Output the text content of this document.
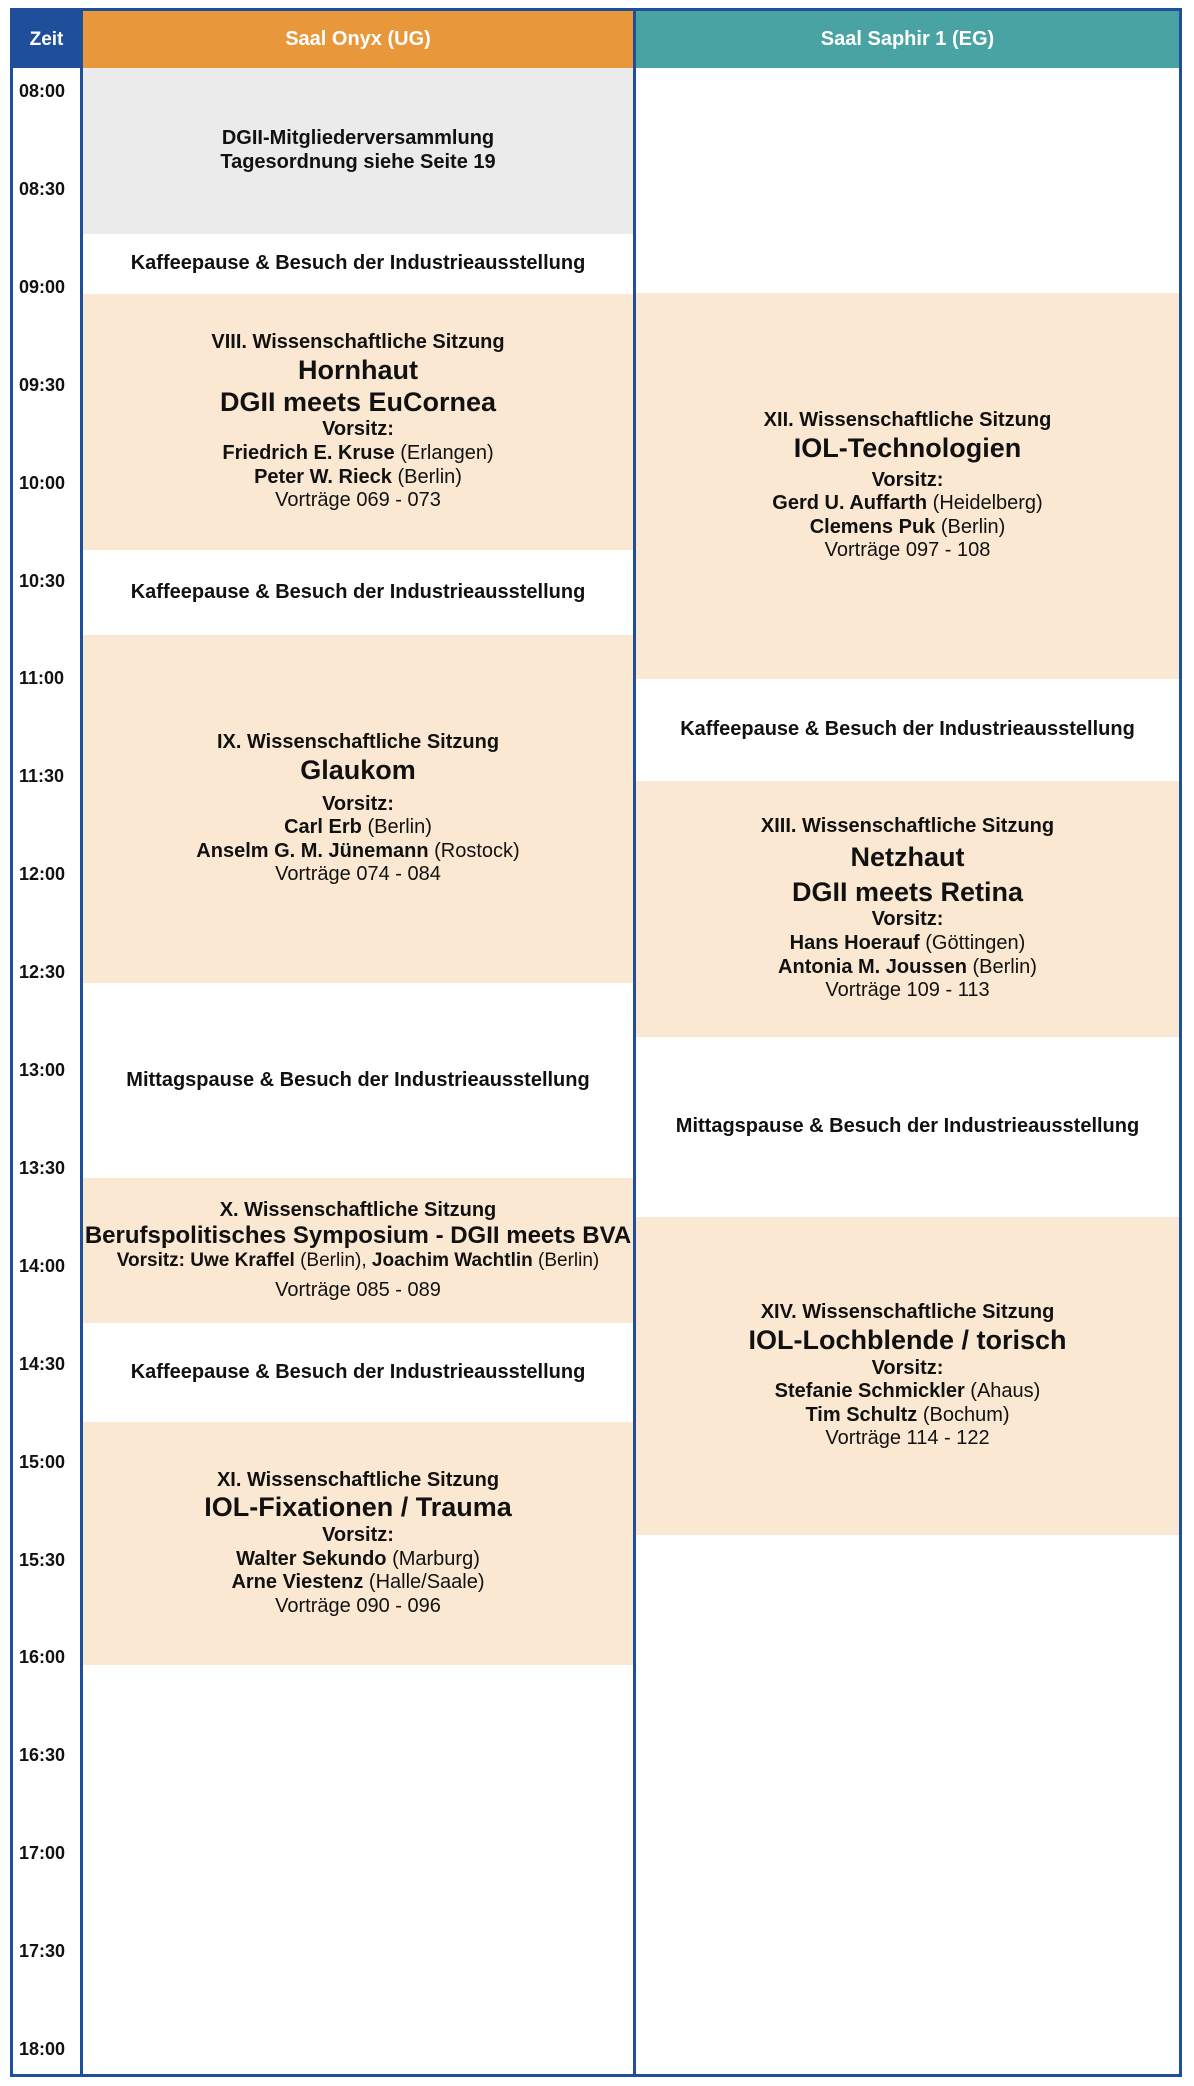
Zeit	Saal Onyx (UG)	Saal Saphir 1 (EG)
DGII-Mitgliederversammlung
Tagesordnung siehe Seite 19
Kaffeepause & Besuch der Industrieausstellung
VIII. Wissenschaftliche Sitzung
Hornhaut
DGII meets EuCornea
Vorsitz:
Friedrich E. Kruse (Erlangen)
Peter W. Rieck (Berlin)
Vorträge 069 - 073
Kaffeepause & Besuch der Industrieausstellung
IX. Wissenschaftliche Sitzung
Glaukom
Vorsitz:
Carl Erb (Berlin)
Anselm G. M. Jünemann (Rostock)
Vorträge 074 - 084
Mittagspause & Besuch der Industrieausstellung
X. Wissenschaftliche Sitzung
Berufspolitisches Symposium - DGII meets BVA
Vorsitz: Uwe Kraffel (Berlin), Joachim Wachtlin (Berlin)
Vorträge 085 - 089
Kaffeepause & Besuch der Industrieausstellung
XI. Wissenschaftliche Sitzung
IOL-Fixationen / Trauma
Vorsitz:
Walter Sekundo (Marburg)
Arne Viestenz (Halle/Saale)
Vorträge 090 - 096
XII. Wissenschaftliche Sitzung
IOL-Technologien
Vorsitz:
Gerd U. Auffarth (Heidelberg)
Clemens Puk (Berlin)
Vorträge 097 - 108
Kaffeepause & Besuch der Industrieausstellung
XIII. Wissenschaftliche Sitzung
Netzhaut
DGII meets Retina
Vorsitz:
Hans Hoerauf (Göttingen)
Antonia M. Joussen (Berlin)
Vorträge 109 - 113
Mittagspause & Besuch der Industrieausstellung
XIV. Wissenschaftliche Sitzung
IOL-Lochblende / torisch
Vorsitz:
Stefanie Schmickler (Ahaus)
Tim Schultz (Bochum)
Vorträge 114 - 122
08:00
08:30
09:00
09:30
10:00
10:30
11:00
11:30
12:00
12:30
13:00
13:30
14:00
14:30
15:00
15:30
16:00
16:30
17:00
17:30
18:00
